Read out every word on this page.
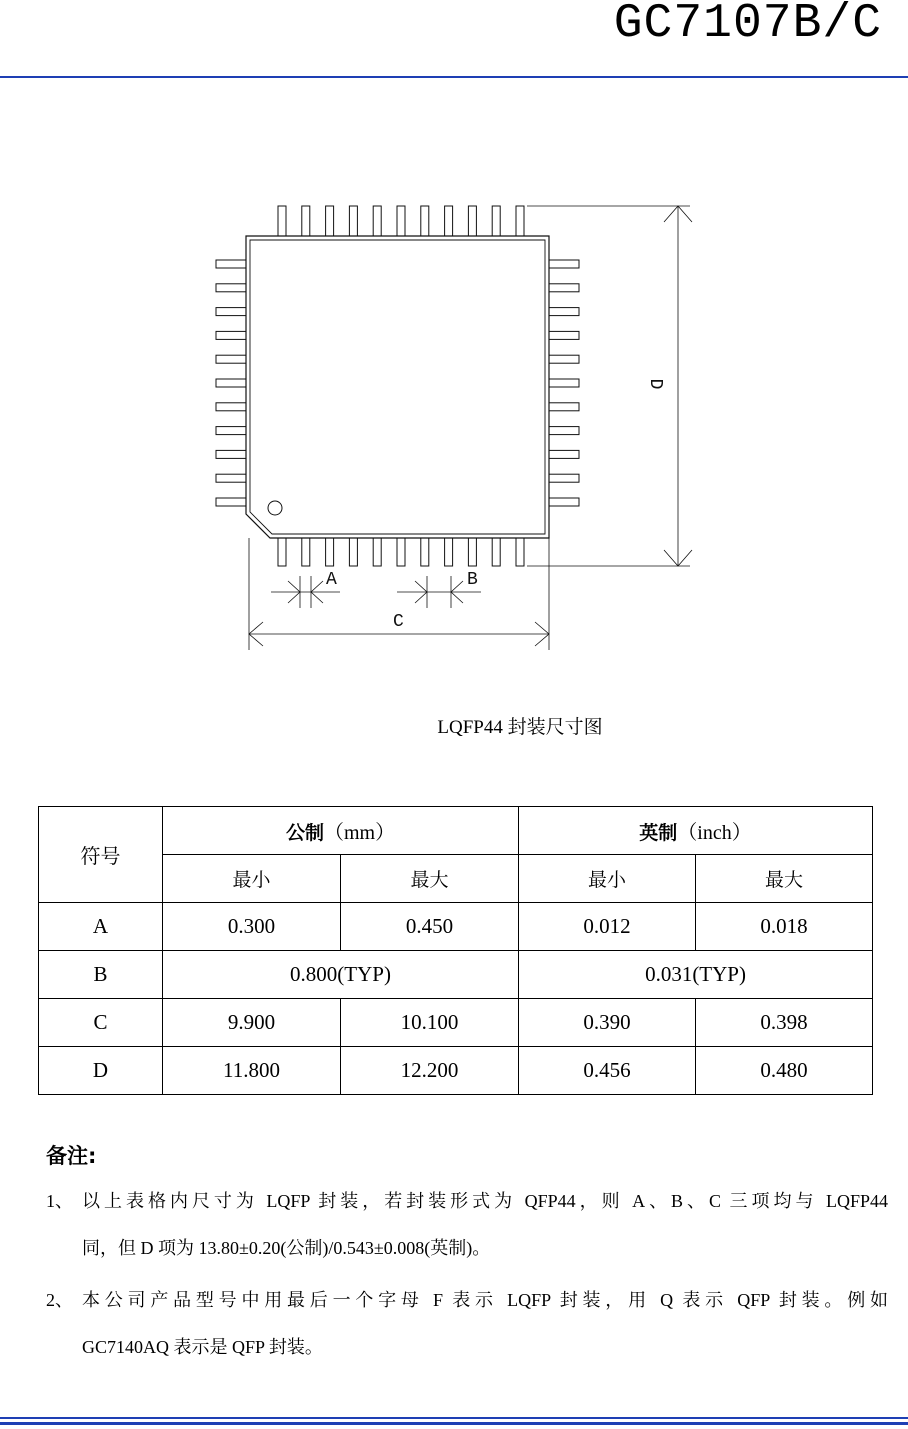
GC7107B/C
A	B
C
D
LQFP44 封装尺寸图
符号	公制（mm）		英制（inch）	
	最小	最大	最小	最大
A	0.300	0.450	0.012	0.018
B	0.800(TYP)		0.031(TYP)	
C	9.900	10.100	0.390	0.398
D	11.800	12.200	0.456	0.480
备注:
1、 以上表格内尺寸为 LQFP 封装，若封装形式为 QFP44，则 A、B、C 三项均与 LQFP44
同，但 D 项为 13.80±0.20(公制)/0.543±0.008(英制)。
2、 本公司产品型号中用最后一个字母 F 表示 LQFP 封装，用 Q 表示 QFP 封装。例如
GC7140AQ 表示是 QFP 封装。
